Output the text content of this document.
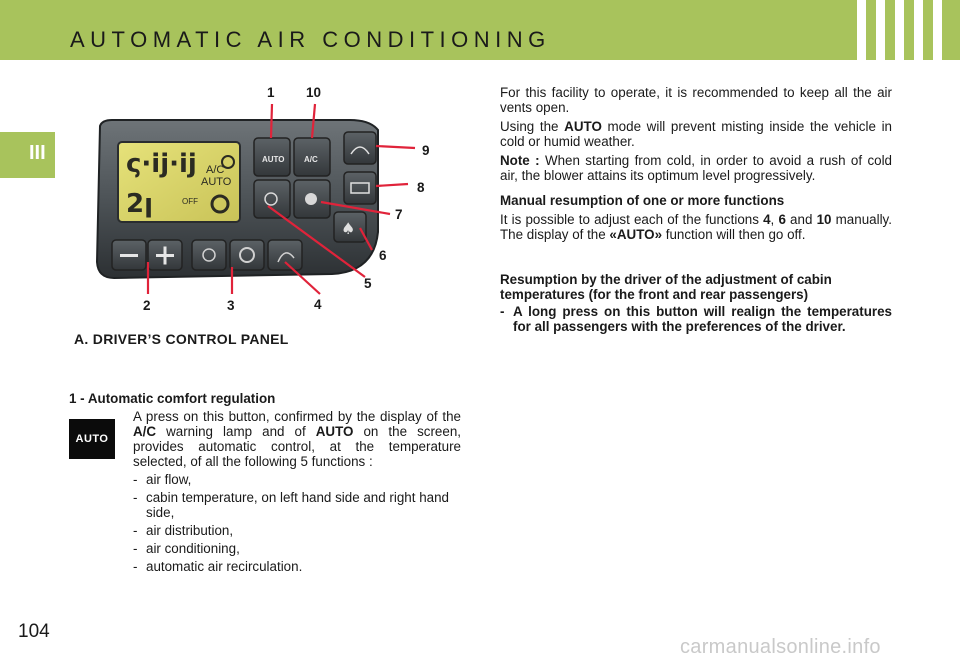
AUTOMATIC AIR CONDITIONING
III	ς·ij·ij
2ꞁ
A/C
AUTO
OFF
AUTO A/C
♠
1 10
9
8
7
6
5
4
3
2
A. DRIVER’S CONTROL PANEL

1 - Automatic comfort regulation

AUTO

A press on this button, confirmed by the display of the A/C warning lamp and of AUTO on the screen, provides automatic control, at the temperature selected, of all the following 5 functions :

- air flow,
- cabin temperature, on left hand side and right hand side,
- air distribution,
- air conditioning,
- automatic air recirculation.

For this facility to operate, it is recommended to keep all the air vents open.

Using the AUTO mode will prevent misting inside the vehicle in cold or humid weather.

Note : When starting from cold, in order to avoid a rush of cold air, the blower attains its optimum level progressively.

Manual resumption of one or more functions

It is possible to adjust each of the functions 4, 6 and 10 manually. The display of the «AUTO» function will then go off.

Resumption by the driver of the adjustment of cabin temperatures (for the front and rear passengers)

- A long press on this button will realign the temperatures for all passengers with the preferences of the driver.
104
carmanualsonline.info
